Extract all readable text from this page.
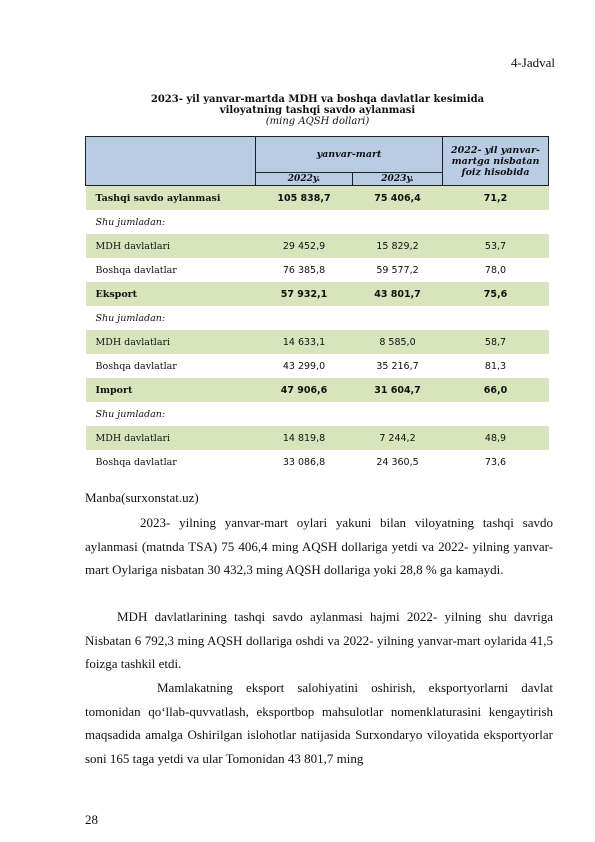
4-Jadval
2023- yil yanvar-martda MDH va boshqa davlatlar kesimida
viloyatning tashqi savdo aylanmasi
(ming AQSH dollari)
	yanvar-mart		2022- yil yanvar-martga nisbatan foiz hisobida
	2022y.	2023y.	
Tashqi savdo aylanmasi	105 838,7	75 406,4	71,2
Shu jumladan:			
MDH davlatlari	29 452,9	15 829,2	53,7
Boshqa davlatlar	76 385,8	59 577,2	78,0
Eksport	57 932,1	43 801,7	75,6
Shu jumladan:			
MDH davlatlari	14 633,1	8 585,0	58,7
Boshqa davlatlar	43 299,0	35 216,7	81,3
Import	47 906,6	31 604,7	66,0
Shu jumladan:			
MDH davlatlari	14 819,8	7 244,2	48,9
Boshqa davlatlar	33 086,8	24 360,5	73,6
Manba(surxonstat.uz)

2023- yilning yanvar-mart oylari yakuni bilan viloyatning tashqi savdo aylanmasi (matnda TSA) 75 406,4 ming AQSH dollariga yetdi va 2022- yilning yanvar-mart Oylariga nisbatan 30 432,3 ming AQSH dollariga yoki 28,8 % ga kamaydi.

MDH davlatlarining tashqi savdo aylanmasi hajmi 2022- yilning shu davriga Nisbatan 6 792,3 ming AQSH dollariga oshdi va 2022- yilning yanvar-mart oylarida 41,5 foizga tashkil etdi.

Mamlakatning eksport salohiyatini oshirish, eksportyorlarni davlat tomonidan qo‘llab-quvvatlash, eksportbop mahsulotlar nomenklaturasini kengaytirish maqsadida amalga Oshirilgan islohotlar natijasida Surxondaryo viloyatida eksportyorlar soni 165 taga yetdi va ular Tomonidan 43 801,7 ming

28
